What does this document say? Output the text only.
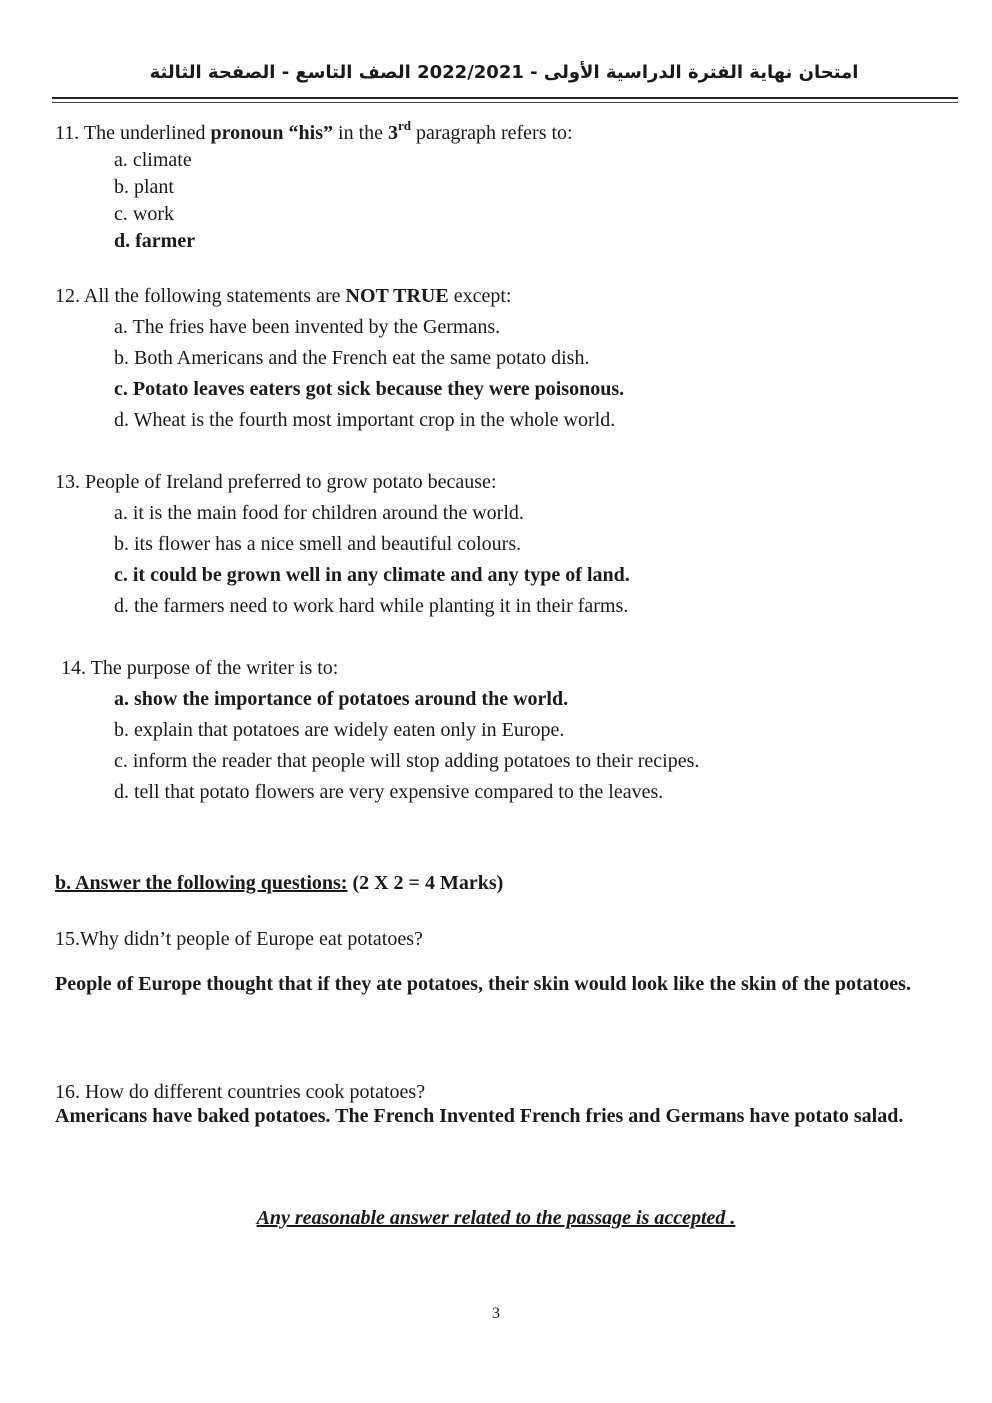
امتحان نهاية الفترة الدراسية الأولى - 2022/2021 الصف التاسع - الصفحة الثالثة
11. The underlined pronoun “his” in the 3rd paragraph refers to:
a. climate
b. plant
c. work
d. farmer
12. All the following statements are NOT TRUE except:
a. The fries have been invented by the Germans.
b. Both Americans and the French eat the same potato dish.
c. Potato leaves eaters got sick because they were poisonous.
d. Wheat is the fourth most important crop in the whole world.
13. People of Ireland preferred to grow potato because:
a. it is the main food for children around the world.
b. its flower has a nice smell and beautiful colours.
c. it could be grown well in any climate and any type of land.
d. the farmers need to work hard while planting it in their farms.
14. The purpose of the writer is to:
a. show the importance of potatoes around the world.
b. explain that potatoes are widely eaten only in Europe.
c. inform the reader that people will stop adding potatoes to their recipes.
d. tell that potato flowers are very expensive compared to the leaves.
b. Answer the following questions: (2 X 2 = 4 Marks)
15.Why didn’t people of Europe eat potatoes?
People of Europe thought that if they ate potatoes, their skin would look like the skin of the potatoes.
16. How do different countries cook potatoes?
Americans have baked potatoes. The French Invented French fries and Germans have potato salad.
Any reasonable answer related to the passage is accepted .
3
